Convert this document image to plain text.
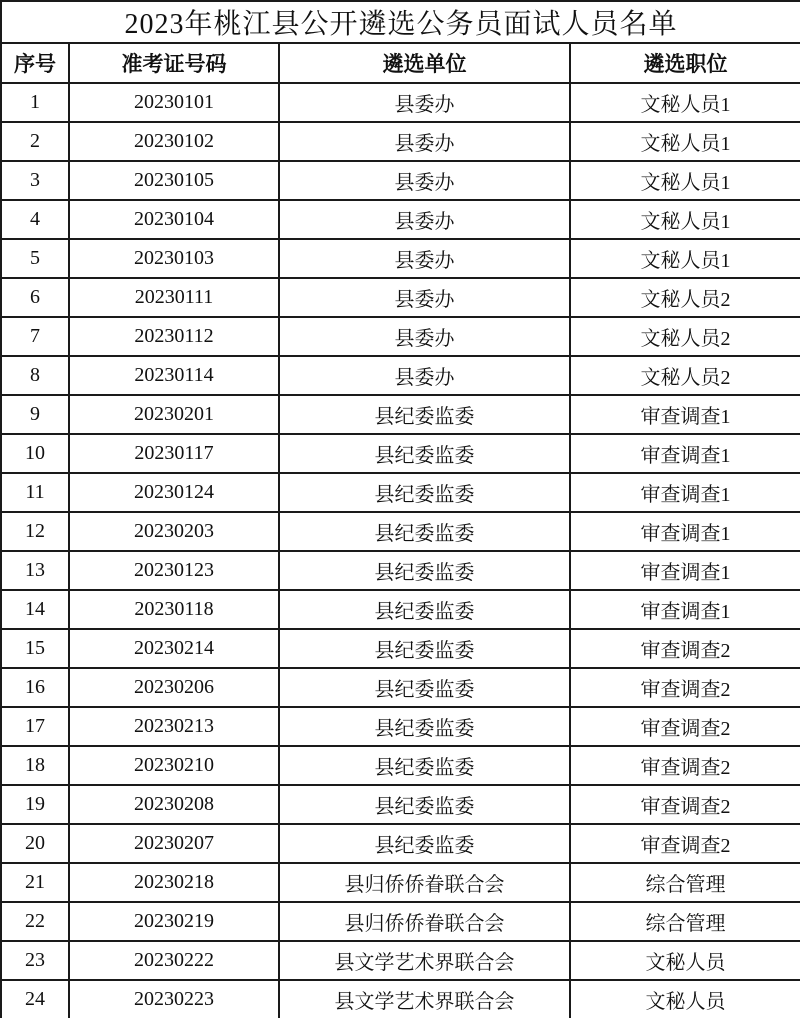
2023年桃江县公开遴选公务员面试人员名单			
序号	准考证号码	遴选单位	遴选职位
1	20230101	县委办	文秘人员1
2	20230102	县委办	文秘人员1
3	20230105	县委办	文秘人员1
4	20230104	县委办	文秘人员1
5	20230103	县委办	文秘人员1
6	20230111	县委办	文秘人员2
7	20230112	县委办	文秘人员2
8	20230114	县委办	文秘人员2
9	20230201	县纪委监委	审查调查1
10	20230117	县纪委监委	审查调查1
11	20230124	县纪委监委	审查调查1
12	20230203	县纪委监委	审查调查1
13	20230123	县纪委监委	审查调查1
14	20230118	县纪委监委	审查调查1
15	20230214	县纪委监委	审查调查2
16	20230206	县纪委监委	审查调查2
17	20230213	县纪委监委	审查调查2
18	20230210	县纪委监委	审查调查2
19	20230208	县纪委监委	审查调查2
20	20230207	县纪委监委	审查调查2
21	20230218	县归侨侨眷联合会	综合管理
22	20230219	县归侨侨眷联合会	综合管理
23	20230222	县文学艺术界联合会	文秘人员
24	20230223	县文学艺术界联合会	文秘人员
